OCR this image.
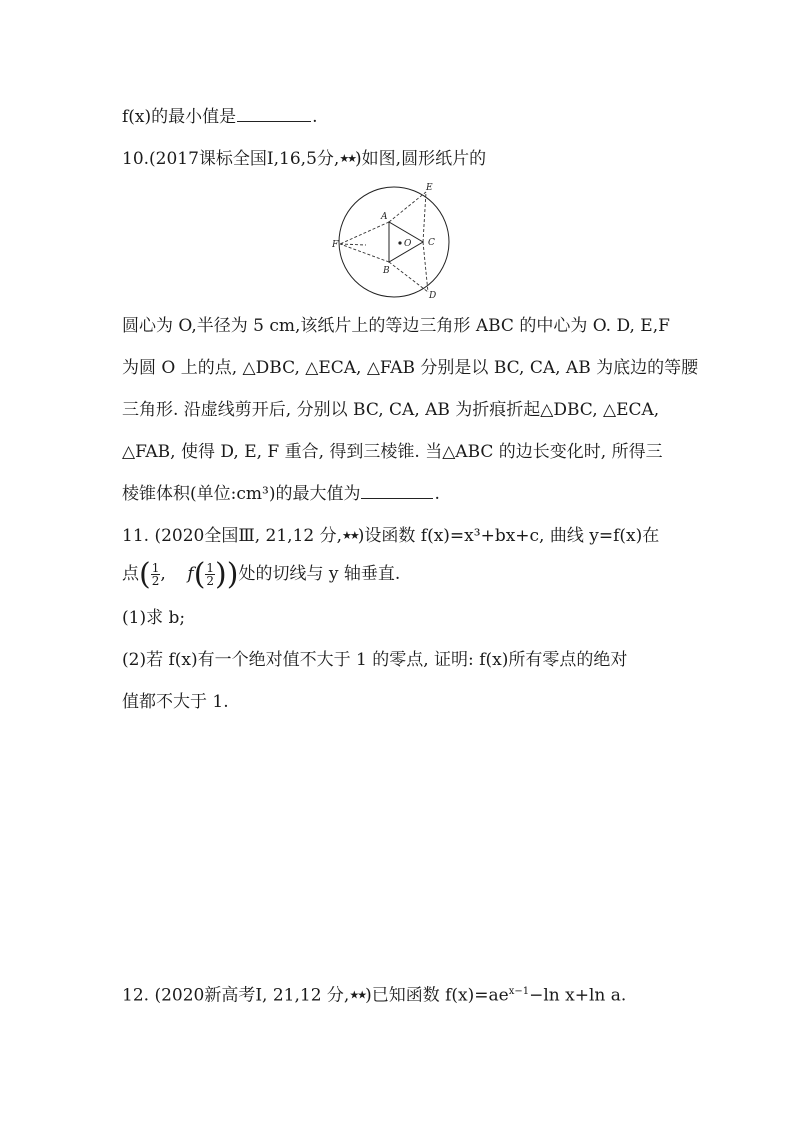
f(x)的最小值是	.
10.(2017课标全国Ⅰ,16,5分,★★)如图,圆形纸片的
A
B
C
D
E
F	O
圆心为 O,半径为 5 cm,该纸片上的等边三角形 ABC 的中心为 O. D, E,F
为圆 O 上的点, △DBC, △ECA, △FAB 分别是以 BC, CA, AB 为底边的等腰
三角形. 沿虚线剪开后, 分别以 BC, CA, AB 为折痕折起△DBC, △ECA,
△FAB, 使得 D, E, F 重合, 得到三棱锥. 当△ABC 的边长变化时, 所得三
棱锥体积(单位:cm³)的最大值为	.
11. (2020全国Ⅲ, 21,12 分,★★)设函数 f(x)=x³+bx+c, 曲线 y=f(x)在
点( $\frac{1}{2}$ ,    $f( \frac{1}{2}$ ))处的切线与 y 轴垂直.
(1)求 b;
(2)若 f(x)有一个绝对值不大于 1 的零点, 证明: f(x)所有零点的绝对
值都不大于 1.
12. (2020新高考Ⅰ, 21,12 分,★★)已知函数 $f(x)=ae^{x-1}-\ln$ x+ln a.
